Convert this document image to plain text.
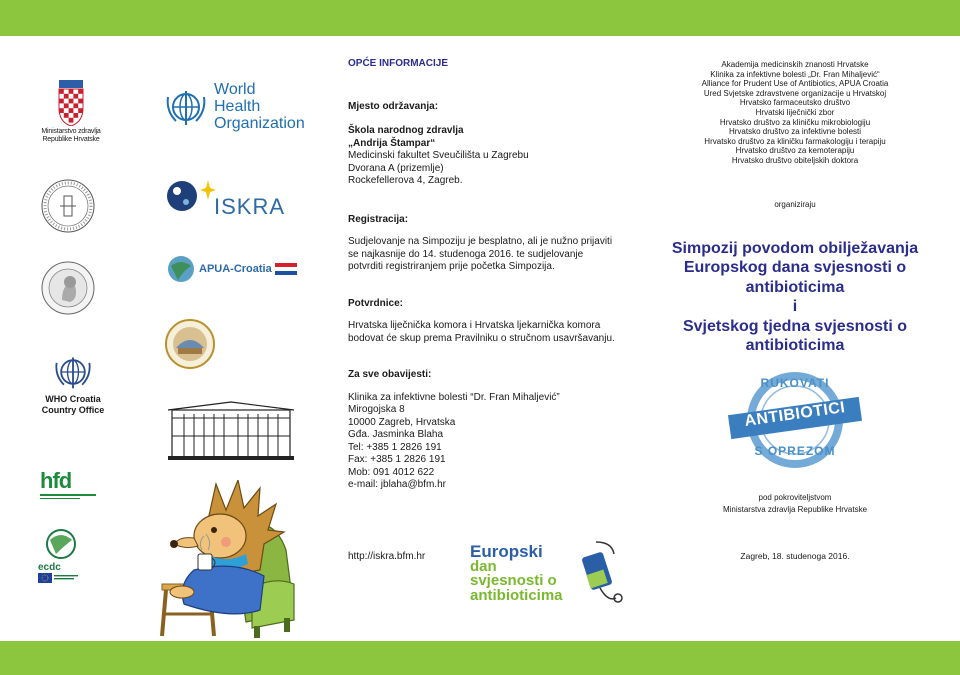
Ministarstvo zdravlja Republike Hrvatske
World Health Organization
ISKRA
APUA-Croatia
WHO Croatia Country Office
hfd
ecdc
OPĆE INFORMACIJE
Mjesto održavanja:

Škola narodnog zdravlja

„Andrija Štampar“

Medicinski fakultet Sveučilišta u Zagrebu

Dvorana A (prizemlje)

Rockefellerova 4, Zagreb.

Registracija:

Sudjelovanje na Simpoziju je besplatno, ali je nužno prijaviti se najkasnije do 14. studenoga 2016. te sudjelovanje potvrditi registriranjem prije početka Simpozija.

Potvrdnice:

Hrvatska liječnička komora i Hrvatska ljekarnička komora bodovat će skup prema Pravilniku o stručnom usavršavanju.

Za sve obavijesti:

Klinika za infektivne bolesti “Dr. Fran Mihaljević”

Mirogojska 8

10000 Zagreb, Hrvatska

Gđa. Jasminka Blaha

Tel: +385 1 2826 191

Fax: +385 1 2826 191

Mob: 091 4012 622

e-mail: jblaha@bfm.hr

http://iskra.bfm.hr	Europski
dan
svjesnosti o
antibioticima
Akademija medicinskih znanosti Hrvatske
Klinika za infektivne bolesti „Dr. Fran Mihaljević“
Alliance for Prudent Use of Antibiotics, APUA Croatia
Ured Svjetske zdravstvene organizacije u Hrvatskoj
Hrvatsko farmaceutsko društvo
Hrvatski liječnički zbor
Hrvatsko društvo za kliničku mikrobiologiju
Hrvatsko društvo za infektivne bolesti
Hrvatsko društvo za kliničku farmakologiju i terapiju
Hrvatsko društvo za kemoterapiju
Hrvatsko društvo obiteljskih doktora
organiziraju
Simpozij povodom obilježavanja
Europskog dana svjesnosti o
antibioticima
i
Svjetskog tjedna svjesnosti o
antibioticima
RUKOVATI
ANTIBIOTICI
S OPREZOM
pod pokroviteljstvom
Ministarstva zdravlja Republike Hrvatske
Zagreb, 18. studenoga 2016.
